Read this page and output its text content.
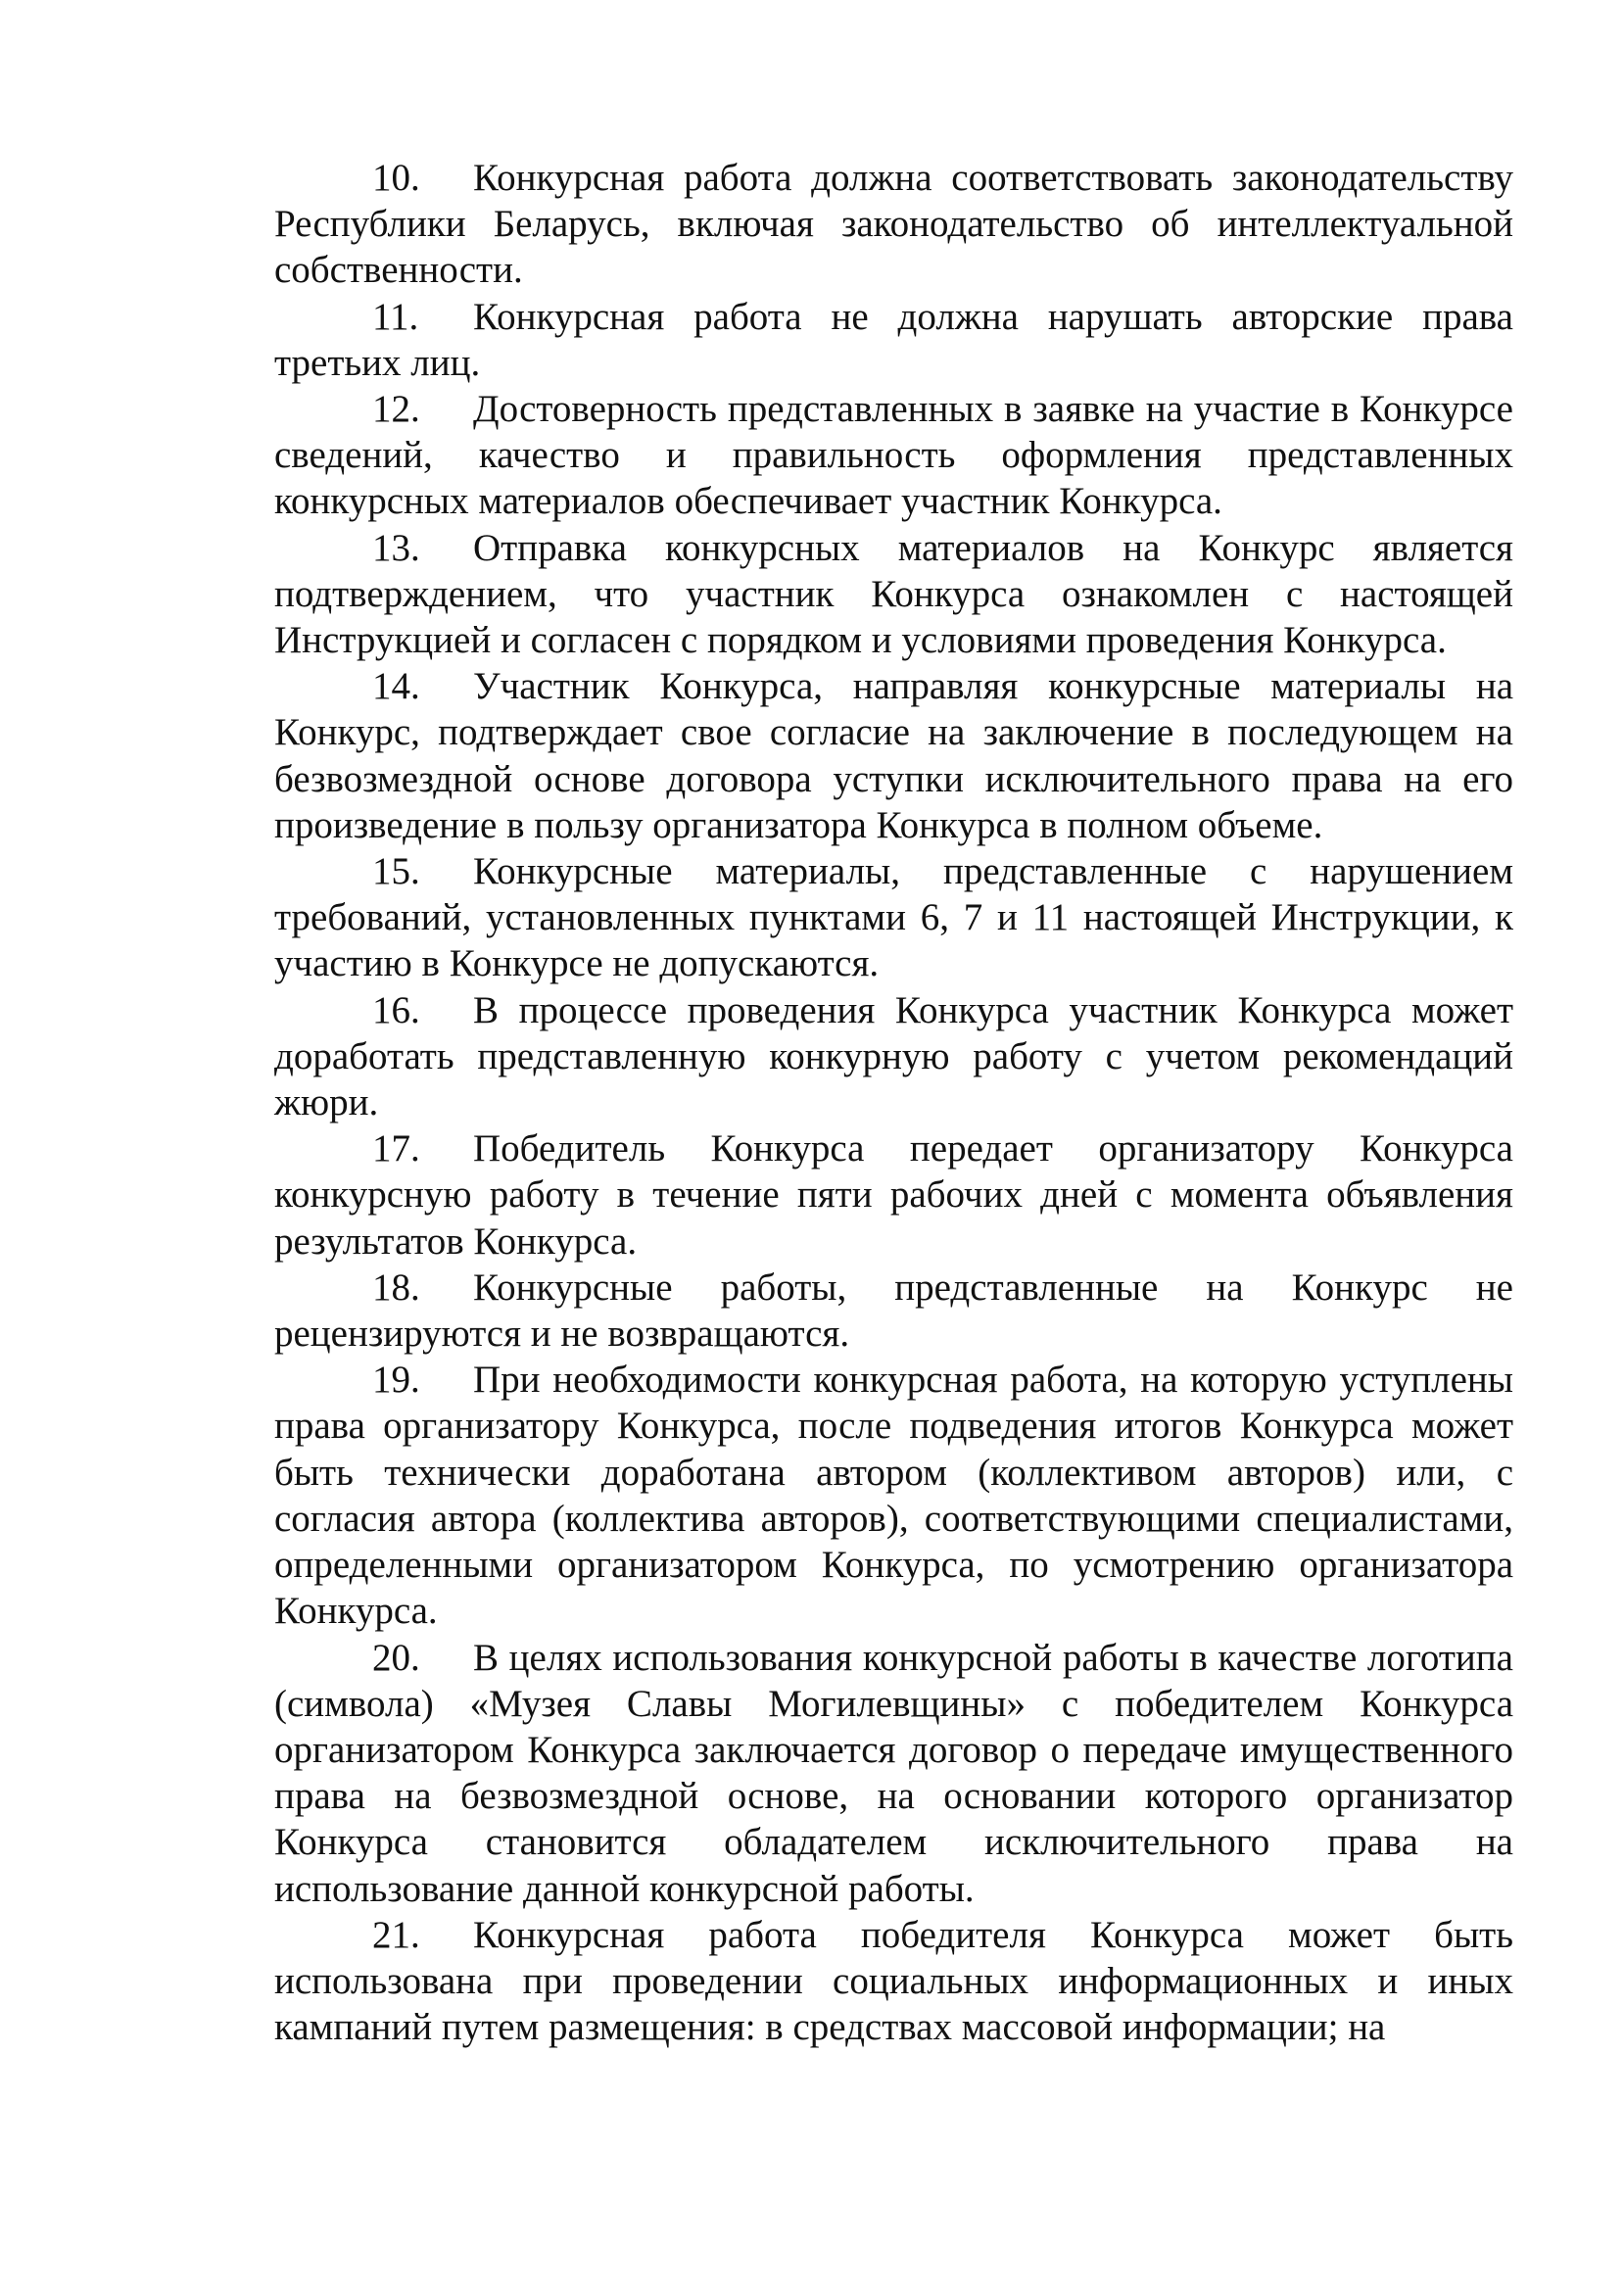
10. Конкурсная работа должна соответствовать законодательству Республики Беларусь, включая законодательство об интеллектуальной собственности.

11. Конкурсная работа не должна нарушать авторские права третьих лиц.

12. Достоверность представленных в заявке на участие в Конкурсе сведений, качество и правильность оформления представленных конкурсных материалов обеспечивает участник Конкурса.

13. Отправка конкурсных материалов на Конкурс является подтверждением, что участник Конкурса ознакомлен с настоящей Инструкцией и согласен с порядком и условиями проведения Конкурса.

14. Участник Конкурса, направляя конкурсные материалы на Конкурс, подтверждает свое согласие на заключение в последующем на безвозмездной основе договора уступки исключительного права на его произведение в пользу организатора Конкурса в полном объеме.

15. Конкурсные материалы, представленные с нарушением требований, установленных пунктами 6, 7 и 11 настоящей Инструкции, к участию в Конкурсе не допускаются.

16. В процессе проведения Конкурса участник Конкурса может доработать представленную конкурную работу с учетом рекомендаций жюри.

17. Победитель Конкурса передает организатору Конкурса конкурсную работу в течение пяти рабочих дней с момента объявления результатов Конкурса.

18. Конкурсные работы, представленные на Конкурс не рецензируются и не возвращаются.

19. При необходимости конкурсная работа, на которую уступлены права организатору Конкурса, после подведения итогов Конкурса может быть технически доработана автором (коллективом авторов) или, с согласия автора (коллектива авторов), соответствующими специалистами, определенными организатором Конкурса, по усмотрению организатора Конкурса.

20. В целях использования конкурсной работы в качестве логотипа (символа) «Музея Славы Могилевщины» с победителем Конкурса организатором Конкурса заключается договор о передаче имущественного права на безвозмездной основе, на основании которого организатор Конкурса становится обладателем исключительного права на использование данной конкурсной работы.

21. Конкурсная работа победителя Конкурса может быть использована при проведении социальных информационных и иных кампаний путем размещения: в средствах массовой информации; на
